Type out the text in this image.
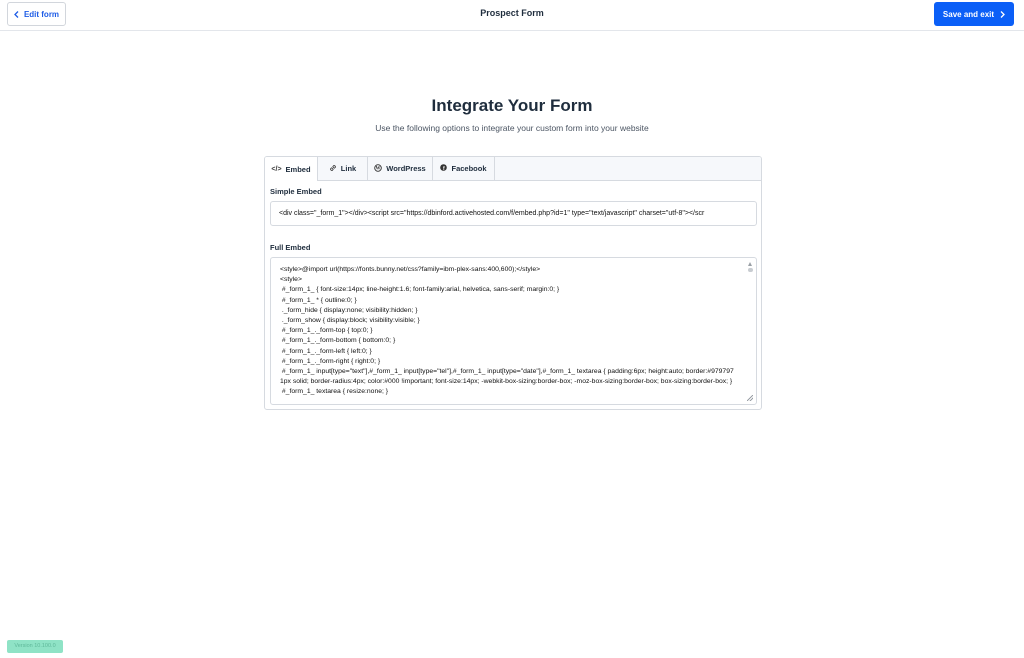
Edit form	Prospect Form	Save and exit
Integrate Your Form
Use the following options to integrate your custom form into your website
</> Embed	Link	W WordPress	f Facebook
Simple Embed
<div class="_form_1"></div><script src="https://dbinford.activehosted.com/f/embed.php?id=1" type="text/javascript" charset="utf-8"></scr
Full Embed
<style>@import url(https://fonts.bunny.net/css?family=ibm-plex-sans:400,600);</style>
<style>
#_form_1_ { font-size:14px; line-height:1.6; font-family:arial, helvetica, sans-serif; margin:0; }
#_form_1_ * { outline:0; }
._form_hide { display:none; visibility:hidden; }
._form_show { display:block; visibility:visible; }
#_form_1_._form-top { top:0; }
#_form_1_._form-bottom { bottom:0; }
#_form_1_._form-left { left:0; }
#_form_1_._form-right { right:0; }
#_form_1_ input[type="text"],#_form_1_ input[type="tel"],#_form_1_ input[type="date"],#_form_1_ textarea { padding:6px; height:auto; border:#979797 1px solid; border-radius:4px; color:#000 !important; font-size:14px; -webkit-box-sizing:border-box; -moz-box-sizing:border-box; box-sizing:border-box; }
#_form_1_ textarea { resize:none; }
Version 10.100.0
